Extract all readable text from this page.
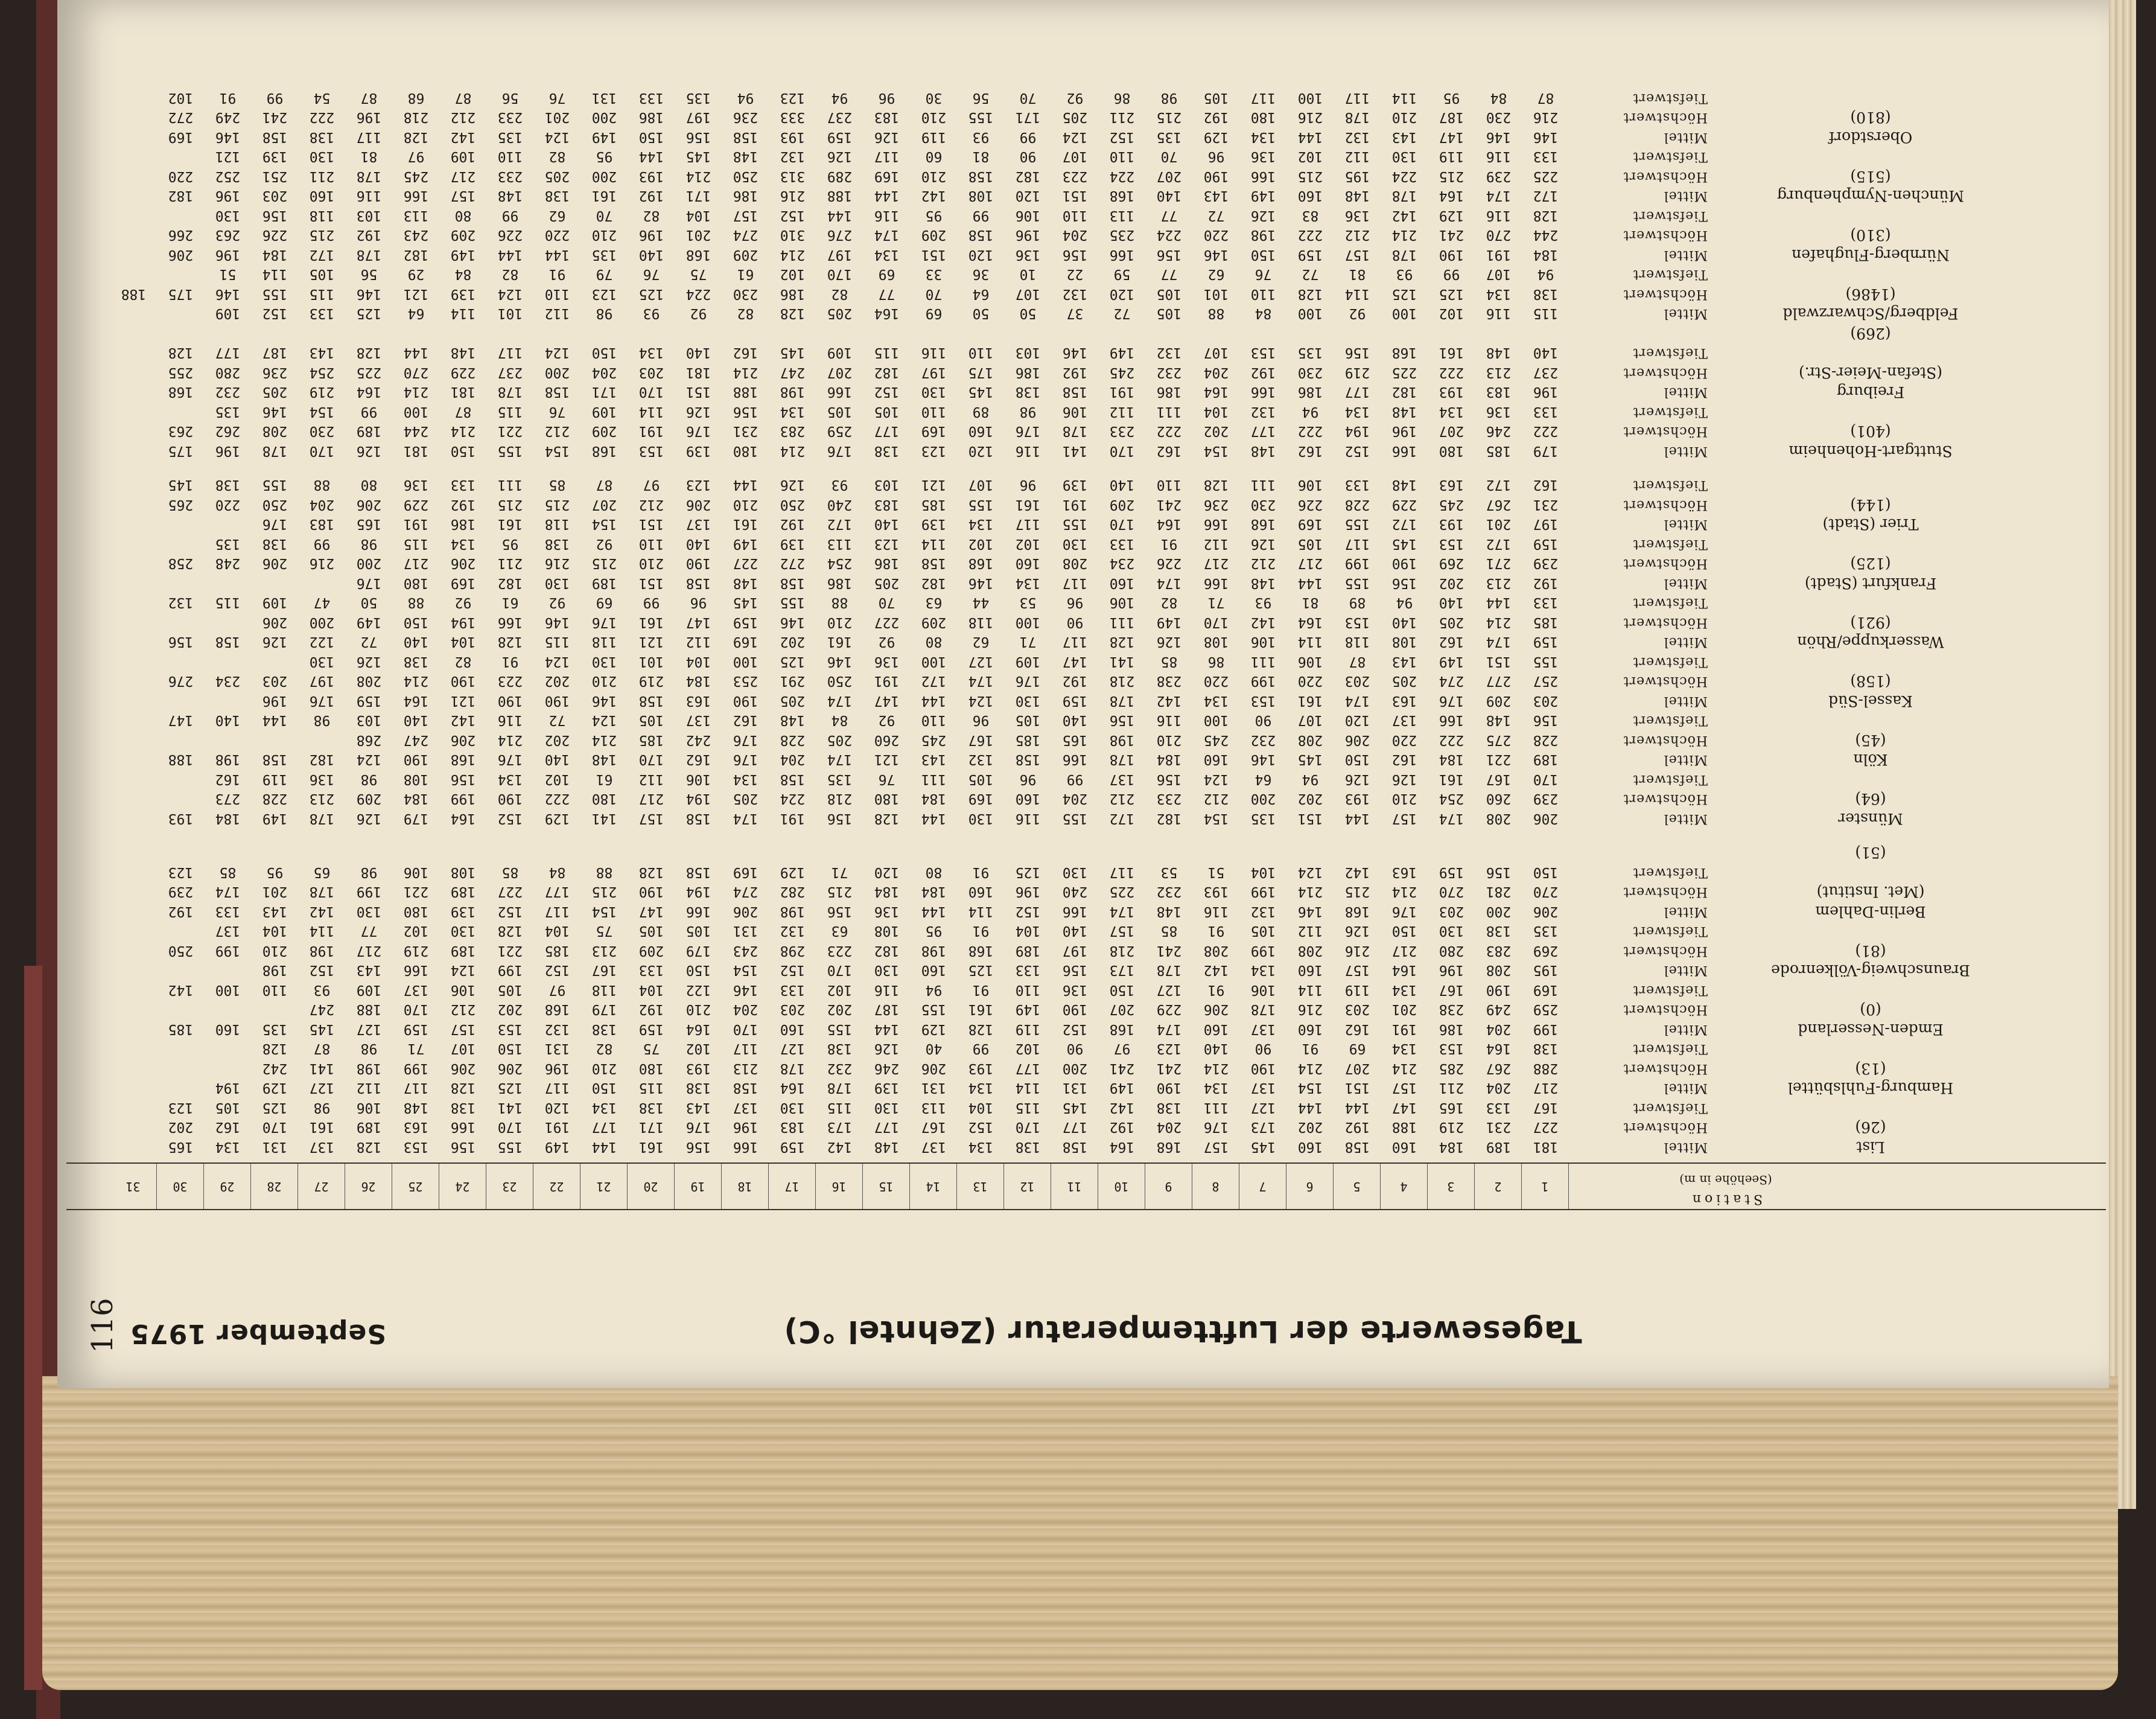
116	Tagesewerte der Lufttemperatur (Zehntel °C)
September 1975
Station
(Seehöhe in m)
1
2
3
4
5
6
7
8
9
10
11
12
13
14
15
16
17
18
19
20
21
22
23
24
25
26
27
28
29
30
31
List
Mittel
181
189
184
160
158
160
145
157
168
164
158
138
134
137
148
142
159
166
156
161
144
149
155
156
153
128
137
131
134
165
(26)
Höchstwert
227
231
219
188
192
202
173
176
204
192
177
170
152
167
177
173
183
196
176
171
177
191
170
166
163
189
161
170
162
202
Tiefstwert
167
133
165
147
144
144
127
111
138
142
145
115
104
113
130
115
130
137
143
138
134
120
141
138
148
106
98
125
105
123
Hamburg-Fuhlsbüttel
Mittel
217
204
211
157
151
154
137
134
190
149
131
114
134
131
139
178
164
158
138
115
150
117
125
128
117
112
127
129
194
(13)
Höchstwert
288
267
285
214
207
214
190
214
241
241
200
177
193
206
246
232
178
213
193
180
210
196
206
206
199
198
141
242
Tiefstwert
138
164
153
134
69
91
90
140
123
97
90
102
99
40
126
138
127
117
102
75
82
131
150
107
71
98
87
128
Emden-Nesserland
Mittel
199
204
186
191
162
160
137
160
174
168
152
119
128
129
144
155
160
170
164
159
138
132
153
157
159
127
145
135
160
185
(0)
Höchstwert
259
249
238
201
203
216
178
206
229
207
190
149
161
155
187
202
203
204
210
192
179
168
202
212
170
188
247
Tiefstwert
169
190
167
134
119
114
106
91
127
150
136
110
91
94
116
102
133
146
122
104
118
97
105
106
137
109
93
110
100
142
Braunschweig-Völkenrode
Mittel
195
208
196
164
157
160
134
142
178
173
156
133
125
160
130
170
152
154
150
133
167
152
199
124
166
143
152
198
(81)
Höchstwert
269
283
280
217
216
208
199
208
241
218
197
189
168
198
182
223
298
243
179
209
213
185
221
189
219
217
198
210
199
250
Tiefstwert
135
138
130
150
126
112
105
91
85
157
140
104
91
95
108
63
132
131
105
105
75
104
128
130
102
77
114
104
137
Berlin-Dahlem
Mittel
206
200
203
176
168
146
132
116
148
174
166
152
114
144
136
156
198
206
166
147
154
117
152
139
180
130
142
143
133
192
(Met. Institut)
Höchstwert
270
281
270
214
215
214
199
193
232
225
240
196
160
184
184
215
282
274
194
190
215
177
227
189
221
199
178
201
174
239
Tiefstwert
150
156
159
163
142
124
104
51
53
117
130
125
91
80
120
71
129
169
158
128
88
84
85
108
106
98
65
95
85
123
(51)
Münster
Mittel
206
208
174
157
144
151
135
154
182
172
155
116
130
144
128
156
191
174
158
157
141
129
152
164
179
126
178
149
184
193
(64)
Höchstwert
239
260
254
210
193
202
200
212
233
212
204
160
169
184
180
218
224
205
194
217
180
222
190
199
184
209
213
228
273
Tiefstwert
170
167
161
126
126
94
64
124
156
137
99
96
105
111
76
135
158
134
106
112
61
102
134
156
108
98
136
119
162
Köln
Mittel
189
221
184
162
150
145
146
160
184
178
166
158
132
143
121
174
204
176
162
170
148
140
176
168
190
124
182
158
198
188
(45)
Höchstwert
228
275
222
220
206
208
232
245
210
198
165
185
167
245
260
205
228
176
242
185
214
202
214
206
247
268
Tiefstwert
156
148
166
137
120
107
90
100
116
156
140
105
96
110
92
84
148
162
137
105
124
72
116
142
140
103
98
144
140
147
Kassel-Süd
Mittel
203
209
176
163
174
161
153
134
142
178
159
130
124
144
147
174
205
190
163
158
146
190
190
121
164
159
176
196
(158)
Höchstwert
257
277
274
205
203
220
199
220
238
218
192
176
174
172
191
250
291
253
184
219
210
202
223
190
214
208
197
203
234
276
Tiefstwert
155
151
149
143
87
106
111
86
85
141
147
109
127
100
136
146
125
100
104
101
130
124
91
82
138
126
130
Wasserkuppe/Rhön
Mittel
159
174
162
108
118
114
106
108
126
128
117
71
62
80
92
161
202
169
112
121
118
115
128
104
140
72
122
126
158
156
(921)
Höchstwert
185
214
205
140
153
164
142
170
149
111
90
100
118
209
227
210
146
159
147
161
176
146
166
194
150
149
200
206
Tiefstwert
133
144
140
94
89
81
93
71
82
106
96
53
44
63
70
88
155
145
96
99
69
92
61
92
88
50
47
109
115
132
Frankfurt (Stadt)
Mittel
192
213
202
156
155
144
148
166
174
160
117
134
146
182
205
186
158
148
158
151
189
130
182
169
180
176
(125)
Höchstwert
239
271
269
190
199
217
212
217
226
234
208
160
168
158
186
254
272
227
190
210
215
216
211
206
217
200
216
206
248
258
Tiefstwert
159
172
153
145
117
105
126
112
91
133
130
102
102
114
123
113
139
149
140
110
92
138
95
134
115
98
99
138
135
Trier (Stadt)
Mittel
197
201
193
172
155
169
168
166
164
170
155
117
134
139
140
172
192
161
137
151
154
118
161
186
191
165
183
176
(144)
Höchstwert
231
267
245
229
228
226
230
236
241
209
191
161
155
185
183
240
250
210
206
212
207
215
215
192
229
206
204
250
220
265
Tiefstwert
162
172
163
148
133
106
111
128
110
140
139
96
107
121
103
93
126
144
123
97
87
85
111
133
136
80
88
155
138
145
Stuttgart-Hohenheim
Mittel
179
185
180
166
152
162
148
154
162
170
141
116
120
123
138
176
214
180
139
153
168
154
155
150
181
126
170
178
196
175
(401)
Höchstwert
222
246
207
196
194
222
177
202
222
233
178
176
160
169
177
259
283
231
176
191
209
212
221
214
244
189
230
208
262
263
Tiefstwert
133
136
134
148
134
94
132
104
111
112
106
98
89
110
105
105
134
156
126
114
109
76
115
87
100
99
154
146
135
Freiburg
Mittel
196
183
193
182
177
186
166
164
186
191
158
138
145
130
152
166
198
188
151
170
171
158
178
181
214
164
219
205
232
168
(Stefan-Meier-Str.)
Höchstwert
237
213
222
225
219
230
192
204
232
245
192
186
175
197
182
207
247
214
181
203
204
200
237
229
270
225
254
236
280
255
Tiefstwert
140
148
161
168
156
135
153
107
132
149
146
103
110
116
115
109
145
162
140
134
150
124
117
148
144
128
143
187
177
128
(269)
Feldberg/Schwarzwald
Mittel
115
116
102
100
92
100
84
88
105
72
37
50
50
69
164
205
128
82
92
93
98
112
101
114
64
125
133
152
109
(1486)
Höchstwert
138
134
125
125
114
128
110
101
105
120
132
107
64
70
77
82
186
230
224
125
123
110
124
139
121
146
115
155
146
175
188
Tiefstwert
94
107
99
93
81
72
76
62
77
59
22
10
36
33
69
170
102
61
75
76
79
91
82
84
29
56
105
114
51
Nürnberg-Flughafen
Mittel
184
191
190
178
157
159
150
146
156
166
156
136
120
151
134
197
214
209
168
140
135
144
144
149
182
178
172
184
196
206
(310)
Höchstwert
244
270
241
214
212
222
198
220
224
235
204
196
158
209
174
276
310
274
201
196
210
220
226
209
243
192
215
226
263
266
Tiefstwert
128
116
129
142
136
83
126
72
77
113
110
106
99
95
116
144
152
157
104
82
70
62
99
80
113
103
118
156
130
München-Nymphenburg
Mittel
172
174
164
178
148
160
149
143
140
168
151
120
108
142
144
188
216
186
171
192
161
138
148
157
166
116
160
203
196
182
(515)
Höchstwert
225
239
215
224
195
215
166
190
207
224
223
182
158
210
169
289
313
250
214
193
200
205
233
217
245
178
211
251
252
220
Tiefstwert
133
116
119
130
112
102
136
96
70
110
107
90
81
60
117
126
132
148
145
144
95
82
110
109
97
81
130
139
121
Oberstdorf
Mittel
146
146
147
143
132
144
134
129
135
152
124
99
93
119
126
159
193
158
156
150
149
124
135
142
128
117
138
158
146
169
(810)
Höchstwert
216
230
187
210
178
216
180
192
215
211
205
171
155
210
183
237
333
236
197
186
200
201
233
212
218
196
222
241
249
272
Tiefstwert
87
84
95
114
117
100
117
105
98
86
92
70
56
30
96
94
123
94
135
133
131
76
56
87
68
87
54
99
91
102
